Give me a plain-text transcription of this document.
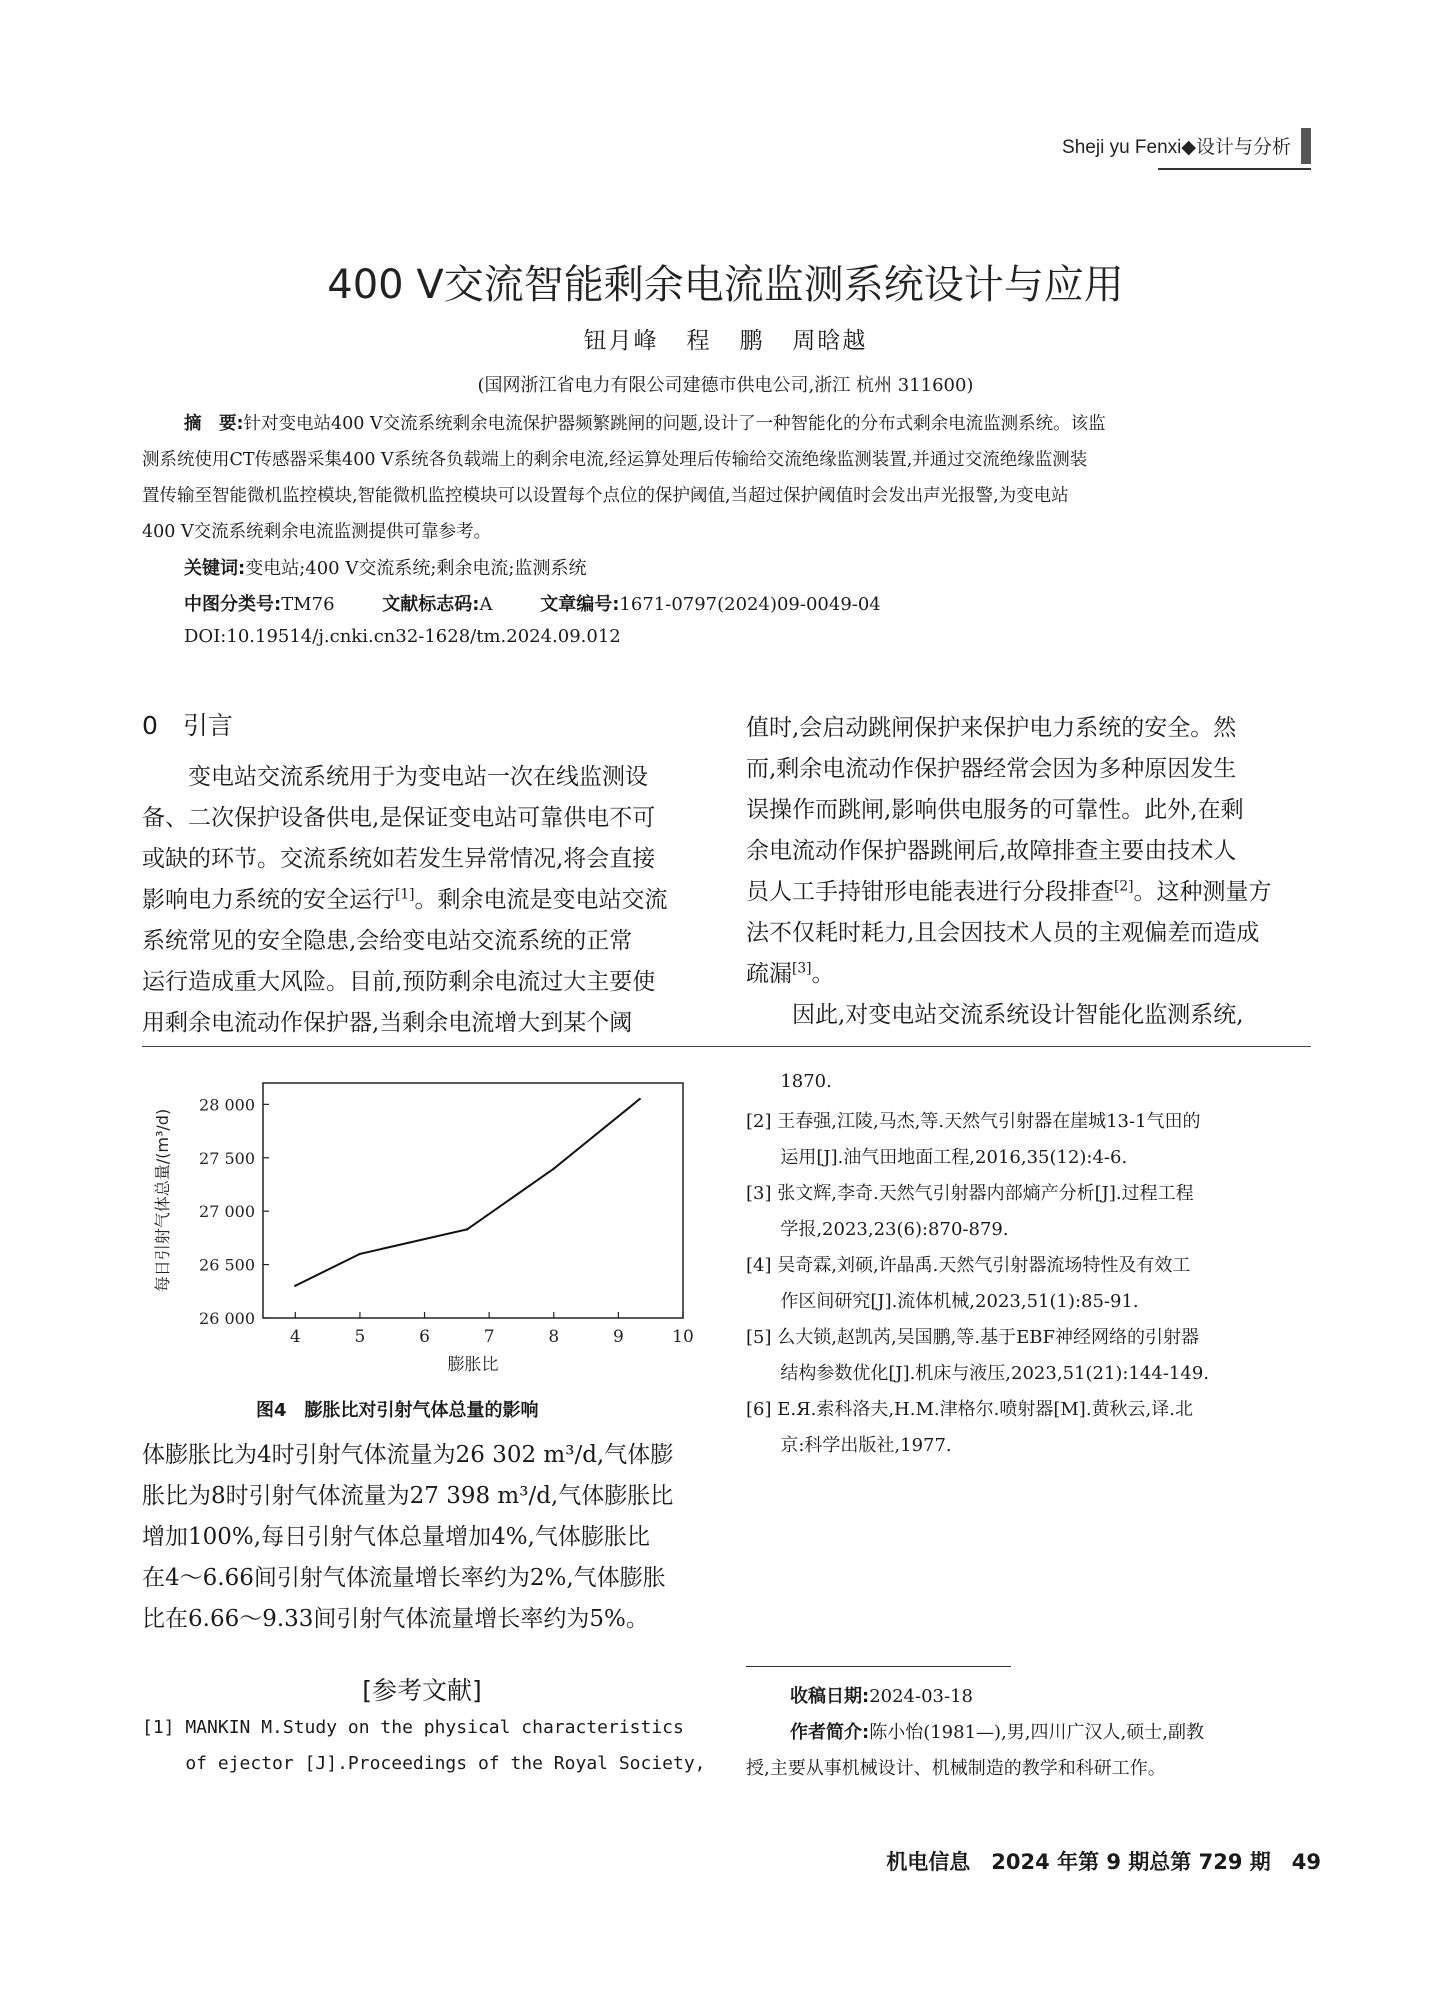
Sheji yu Fenxi◆设计与分析
400 V交流智能剩余电流监测系统设计与应用
钮月峰   程   鹏   周晗越
(国网浙江省电力有限公司建德市供电公司,浙江 杭州 311600)
摘　要:针对变电站400 V交流系统剩余电流保护器频繁跳闸的问题,设计了一种智能化的分布式剩余电流监测系统。该监
测系统使用CT传感器采集400 V系统各负载端上的剩余电流,经运算处理后传输给交流绝缘监测装置,并通过交流绝缘监测装
置传输至智能微机监控模块,智能微机监控模块可以设置每个点位的保护阈值,当超过保护阈值时会发出声光报警,为变电站
400 V交流系统剩余电流监测提供可靠参考。
关键词:变电站;400 V交流系统;剩余电流;监测系统
中图分类号:TM76	文献标志码:A	文章编号:1671-0797(2024)09-0049-04
DOI:10.19514/j.cnki.cn32-1628/tm.2024.09.012
0　引言
　　变电站交流系统用于为变电站一次在线监测设
备、二次保护设备供电,是保证变电站可靠供电不可
或缺的环节。交流系统如若发生异常情况,将会直接
影响电力系统的安全运行[1]。剩余电流是变电站交流
系统常见的安全隐患,会给变电站交流系统的正常
运行造成重大风险。目前,预防剩余电流过大主要使
用剩余电流动作保护器,当剩余电流增大到某个阈
值时,会启动跳闸保护来保护电力系统的安全。然
而,剩余电流动作保护器经常会因为多种原因发生
误操作而跳闸,影响供电服务的可靠性。此外,在剩
余电流动作保护器跳闸后,故障排查主要由技术人
员人工手持钳形电能表进行分段排查[2]。这种测量方
法不仅耗时耗力,且会因技术人员的主观偏差而造成
疏漏[3]。
　　因此,对变电站交流系统设计智能化监测系统,
4	5	6	7	8	9	10
26 000
26 500
27 000
27 500
28 000
膨胀比
每日引射气体总量/(m³/d)
图4　膨胀比对引射气体总量的影响
体膨胀比为4时引射气体流量为26 302 m³/d,气体膨
胀比为8时引射气体流量为27 398 m³/d,气体膨胀比
增加100%,每日引射气体总量增加4%,气体膨胀比
在4～6.66间引射气体流量增长率约为2%,气体膨胀
比在6.66～9.33间引射气体流量增长率约为5%。
[参考文献]
[1] MANKIN M.Study on the physical characteristics
of ejector [J].Proceedings of the Royal Society,
1870.
[2] 王春强,江陵,马杰,等.天然气引射器在崖城13-1气田的
运用[J].油气田地面工程,2016,35(12):4-6.
[3] 张文辉,李奇.天然气引射器内部熵产分析[J].过程工程
学报,2023,23(6):870-879.
[4] 吴奇霖,刘硕,许晶禹.天然气引射器流场特性及有效工
作区间研究[J].流体机械,2023,51(1):85-91.
[5] 么大锁,赵凯芮,吴国鹏,等.基于EBF神经网络的引射器
结构参数优化[J].机床与液压,2023,51(21):144-149.
[6] Е.Я.索科洛夫,Н.М.津格尔.喷射器[M].黄秋云,译.北
京:科学出版社,1977.
收稿日期:2024-03-18
作者简介:陈小怡(1981—),男,四川广汉人,硕士,副教
授,主要从事机械设计、机械制造的教学和科研工作。
机电信息　2024 年第 9 期总第 729 期　49
